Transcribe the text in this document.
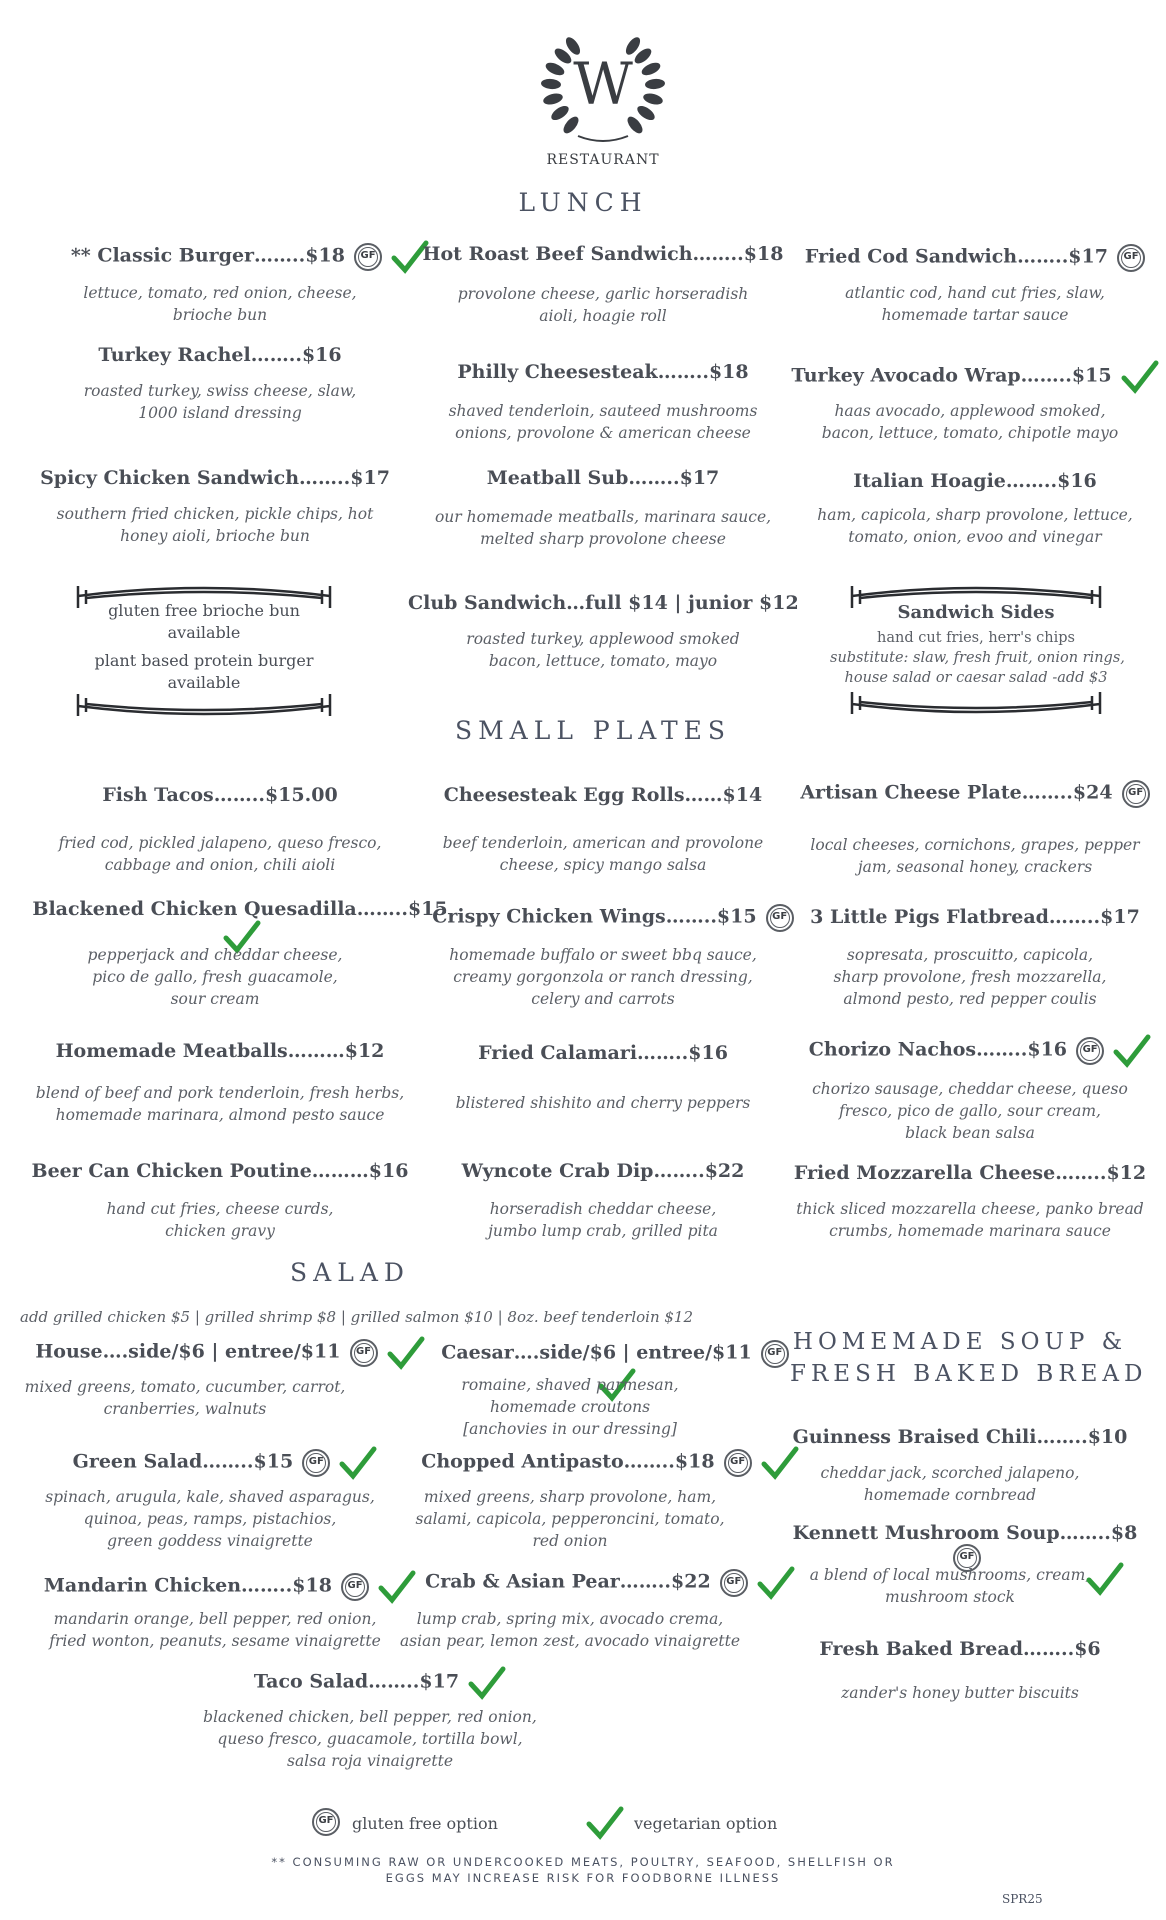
W
RESTAURANT
LUNCH
** Classic Burger……..$18	GF

lettuce, tomato, red onion, cheese,
brioche bun
Hot Roast Beef Sandwich……..$18
provolone cheese, garlic horseradish
aioli, hoagie roll
Fried Cod Sandwich……..$17	GF
atlantic cod, hand cut fries, slaw,
homemade tartar sauce
Turkey Rachel……..$16
roasted turkey, swiss cheese, slaw,
1000 island dressing
Philly Cheesesteak……..$18
shaved tenderloin, sauteed mushrooms
onions, provolone & american cheese
Turkey Avocado Wrap……..$15
haas avocado, applewood smoked,
bacon, lettuce, tomato, chipotle mayo
Spicy Chicken Sandwich……..$17
southern fried chicken, pickle chips, hot
honey aioli, brioche bun
Meatball Sub……..$17
our homemade meatballs, marinara sauce,
melted sharp provolone cheese
Italian Hoagie……..$16
ham, capicola, sharp provolone, lettuce,
tomato, onion, evoo and vinegar
gluten free brioche bun
available
plant based protein burger
available
Club Sandwich…full $14 | junior $12
roasted turkey, applewood smoked
bacon, lettuce, tomato, mayo
Sandwich Sides
hand cut fries, herr's chips
substitute: slaw, fresh fruit, onion rings,
house salad or caesar salad -add $3
SMALL PLATES
Fish Tacos……..$15.00
fried cod, pickled jalapeno, queso fresco,
cabbage and onion, chili aioli
Cheesesteak Egg Rolls……$14
beef tenderloin, american and provolone
cheese, spicy mango salsa
Artisan Cheese Plate……..$24	GF
local cheeses, cornichons, grapes, pepper
jam, seasonal honey, crackers
Blackened Chicken Quesadilla……..$15
pepperjack and cheddar cheese,
pico de gallo, fresh guacamole,
sour cream
Crispy Chicken Wings……..$15	GF
homemade buffalo or sweet bbq sauce,
creamy gorgonzola or ranch dressing,
celery and carrots
3 Little Pigs Flatbread……..$17
sopresata, proscuitto, capicola,
sharp provolone, fresh mozzarella,
almond pesto, red pepper coulis
Homemade Meatballs………$12
blend of beef and pork tenderloin, fresh herbs,
homemade marinara, almond pesto sauce
Fried Calamari……..$16
blistered shishito and cherry peppers
Chorizo Nachos……..$16	GF

chorizo sausage, cheddar cheese, queso
fresco, pico de gallo, sour cream,
black bean salsa
Beer Can Chicken Poutine………$16
hand cut fries, cheese curds,
chicken gravy
Wyncote Crab Dip……..$22
horseradish cheddar cheese,
jumbo lump crab, grilled pita
Fried Mozzarella Cheese……..$12
thick sliced mozzarella cheese, panko bread
crumbs, homemade marinara sauce
SALAD
add grilled chicken $5 | grilled shrimp $8 | grilled salmon $10 | 8oz. beef tenderloin $12
House….side/$6 | entree/$11	GF

mixed greens, tomato, cucumber, carrot,
cranberries, walnuts
Caesar….side/$6 | entree/$11	GF

romaine, shaved parmesan,
homemade croutons
[anchovies in our dressing]
Green Salad……..$15	GF

spinach, arugula, kale, shaved asparagus,
quinoa, peas, ramps, pistachios,
green goddess vinaigrette
Chopped Antipasto……..$18	GF

mixed greens, sharp provolone, ham,
salami, capicola, pepperoncini, tomato,
red onion
Mandarin Chicken……..$18	GF

mandarin orange, bell pepper, red onion,
fried wonton, peanuts, sesame vinaigrette
Crab & Asian Pear……..$22	GF

lump crab, spring mix, avocado crema,
asian pear, lemon zest, avocado vinaigrette
Taco Salad……..$17
blackened chicken, bell pepper, red onion,
queso fresco, guacamole, tortilla bowl,
salsa roja vinaigrette
HOMEMADE SOUP &
FRESH BAKED BREAD
Guinness Braised Chili……..$10
cheddar jack, scorched jalapeno,
homemade cornbread
Kennett Mushroom Soup……..$8
GF
a blend of local mushrooms, cream,
mushroom stock
Fresh Baked Bread……..$6
zander's honey butter biscuits
GF gluten free option	vegetarian option
** CONSUMING RAW OR UNDERCOOKED MEATS, POULTRY, SEAFOOD, SHELLFISH OR
EGGS MAY INCREASE RISK FOR FOODBORNE ILLNESS
SPR25
